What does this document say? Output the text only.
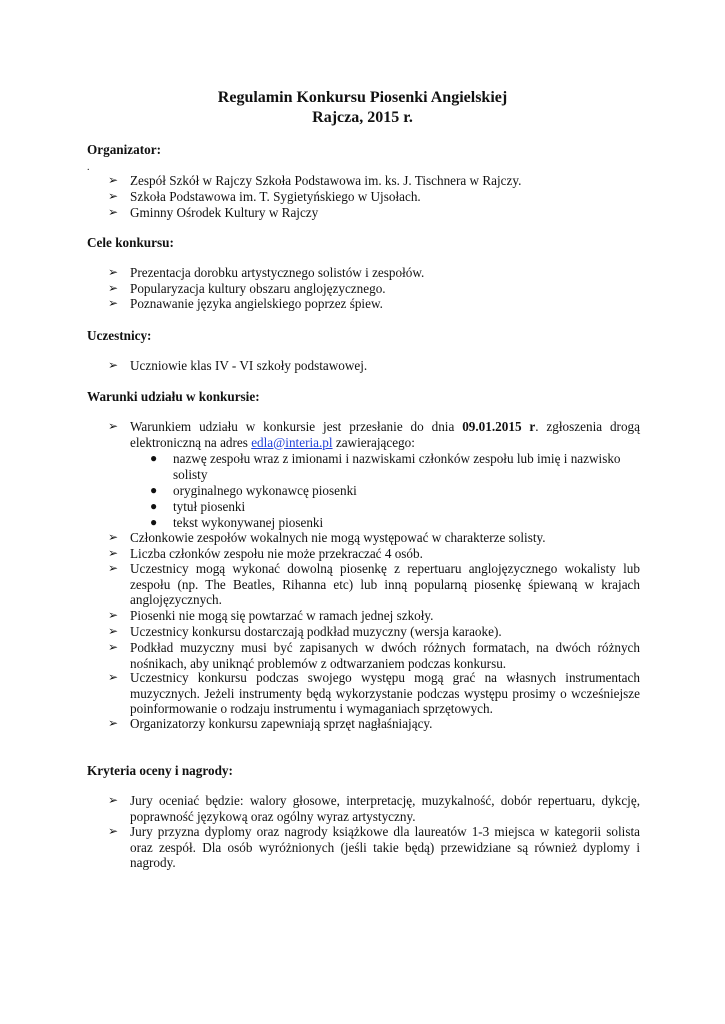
Regulamin Konkursu Piosenki Angielskiej
Rajcza, 2015 r.
Organizator:
.
➢ Zespół Szkół w Rajczy Szkoła Podstawowa im. ks. J. Tischnera w Rajczy.
➢ Szkoła Podstawowa im. T. Sygietyńskiego w Ujsołach.
➢ Gminny Ośrodek Kultury w Rajczy
Cele konkursu:
➢ Prezentacja dorobku artystycznego solistów i zespołów.
➢ Popularyzacja kultury obszaru anglojęzycznego.
➢ Poznawanie języka angielskiego poprzez śpiew.
Uczestnicy:
➢ Uczniowie klas IV - VI szkoły podstawowej.
Warunki udziału w konkursie:
➢ Warunkiem udziału w konkursie jest przesłanie do dnia 09.01.2015 r. zgłoszenia drogą
elektroniczną na adres edla@interia.pl zawierającego:
● nazwę zespołu wraz z imionami i nazwiskami członków zespołu lub imię i nazwisko solisty
● oryginalnego wykonawcę piosenki
● tytuł piosenki
● tekst wykonywanej piosenki
➢ Członkowie zespołów wokalnych nie mogą występować w charakterze solisty.
➢ Liczba członków zespołu nie może przekraczać 4 osób.
➢ Uczestnicy mogą wykonać dowolną piosenkę z repertuaru anglojęzycznego wokalisty lub zespołu (np. The Beatles, Rihanna etc) lub inną popularną piosenkę śpiewaną w krajach anglojęzycznych.
➢ Piosenki nie mogą się powtarzać w ramach jednej szkoły.
➢ Uczestnicy konkursu dostarczają podkład muzyczny (wersja karaoke).
➢ Podkład muzyczny musi być zapisanych w dwóch różnych formatach, na dwóch różnych nośnikach, aby uniknąć problemów z odtwarzaniem podczas konkursu.
➢ Uczestnicy konkursu podczas swojego występu mogą grać na własnych instrumentach muzycznych. Jeżeli instrumenty będą wykorzystanie podczas występu prosimy o wcześniejsze poinformowanie o rodzaju instrumentu i wymaganiach sprzętowych.
➢ Organizatorzy konkursu zapewniają sprzęt nagłaśniający.
Kryteria oceny i nagrody:
➢ Jury oceniać będzie: walory głosowe, interpretację, muzykalność, dobór repertuaru, dykcję, poprawność językową oraz ogólny wyraz artystyczny.
➢ Jury przyzna dyplomy oraz nagrody książkowe dla laureatów 1-3 miejsca w kategorii solista oraz zespół. Dla osób wyróżnionych (jeśli takie będą) przewidziane są również dyplomy i nagrody.
